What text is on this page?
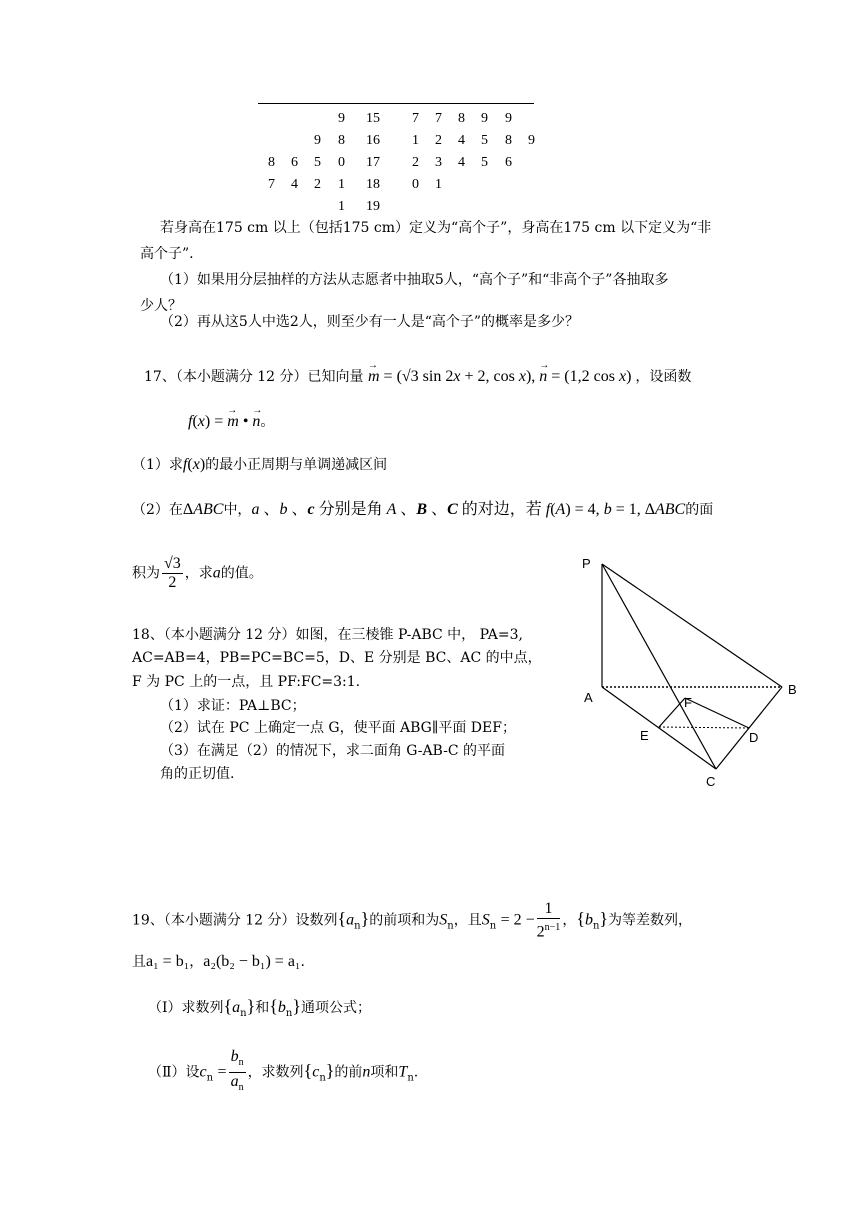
9 15 7 7 8 9 9
9 8 16 1 2 4 5 8 9
8 6 5 0 17 2 3 4 5 6
7 4 2 1 18 0 1
1 19
若身高在175 cm 以上（包括175 cm）定义为“高个子”，身高在175 cm 以下定义为“非
高个子”.
（1）如果用分层抽样的方法从志愿者中抽取5人，“高个子”和“非高个子”各抽取多
少人？
（2）再从这5人中选2人，则至少有一人是“高个子”的概率是多少？
17、（本小题满分 12 分）已知向量 → m = (√3 sin 2x + 2, cos x), → n = (1,2 cos x) ，设函数
f(x) = → m • → n。
（1）求f(x)的最小正周期与单调递减区间
（2）在ΔABC中，a 、b 、c 分别是角 A 、B 、C 的对边，若 f(A) = 4, b = 1, ΔABC的面
积为 $\frac{√3}{2}$ ，求a的值。
18、（本小题满分 12 分）如图，在三棱锥 P-ABC 中， PA=3,
AC=AB=4，PB=PC=BC=5，D、E 分别是 BC、AC 的中点，
F 为 PC 上的一点，且 PF:FC=3:1.
（1）求证：PA⊥BC；
（2）试在 PC 上确定一点 G，使平面 ABG∥平面 DEF；
（3）在满足（2）的情况下，求二面角 G-AB-C 的平面
角的正切值.
P
A
B
F
E	D
C
19、（本小题满分 12 分）设数列$\{a_n\}$的前项和为$S_n$，且$S_n = 2 - \frac{1}{2^{n-1}}$ ，$\{b_n\}$为等差数列，
且a₁ = b₁，a₂(b₂ − b₁) = a₁.
（Ⅰ）求数列$\{a_n\}$和$\{b_n\}$通项公式；
（Ⅱ）设$c_n = \frac{b_n}{a_n}$ ，求数列$\{c_n\}$的前n项和$T_n$.
